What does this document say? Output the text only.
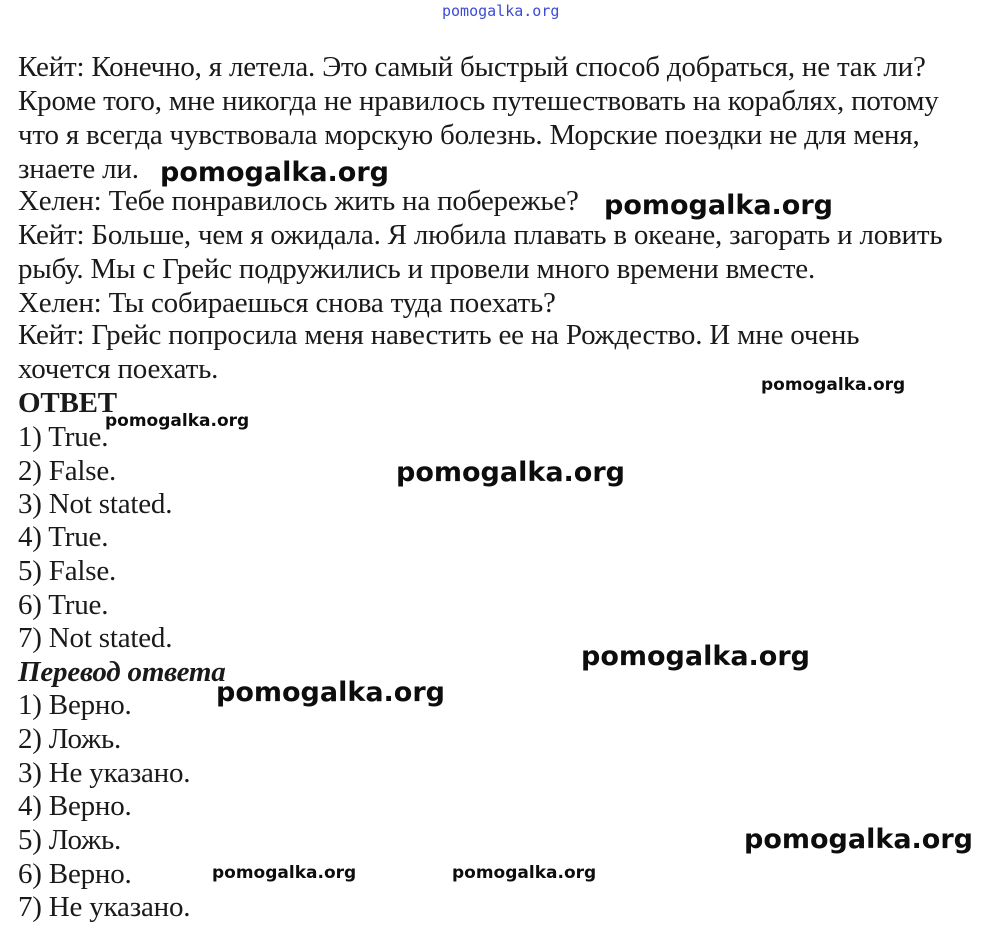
pomogalka.org
Кейт: Конечно, я летела. Это самый быстрый способ добраться, не так ли?
Кроме того, мне никогда не нравилось путешествовать на кораблях, потому
что я всегда чувствовала морскую болезнь. Морские поездки не для меня,
знаете ли.
Хелен: Тебе понравилось жить на побережье?
Кейт: Больше, чем я ожидала. Я любила плавать в океане, загорать и ловить
рыбу. Мы с Грейс подружились и провели много времени вместе.
Хелен: Ты собираешься снова туда поехать?
Кейт: Грейс попросила меня навестить ее на Рождество. И мне очень
хочется поехать.
ОТВЕТ
1) True.
2) False.
3) Not stated.
4) True.
5) False.
6) True.
7) Not stated.
Перевод ответа
1) Верно.
2) Ложь.
3) Не указано.
4) Верно.
5) Ложь.
6) Верно.
7) Не указано.
pomogalka.org
pomogalka.org
pomogalka.org
pomogalka.org
pomogalka.org
pomogalka.org
pomogalka.org
pomogalka.org
pomogalka.org	pomogalka.org
